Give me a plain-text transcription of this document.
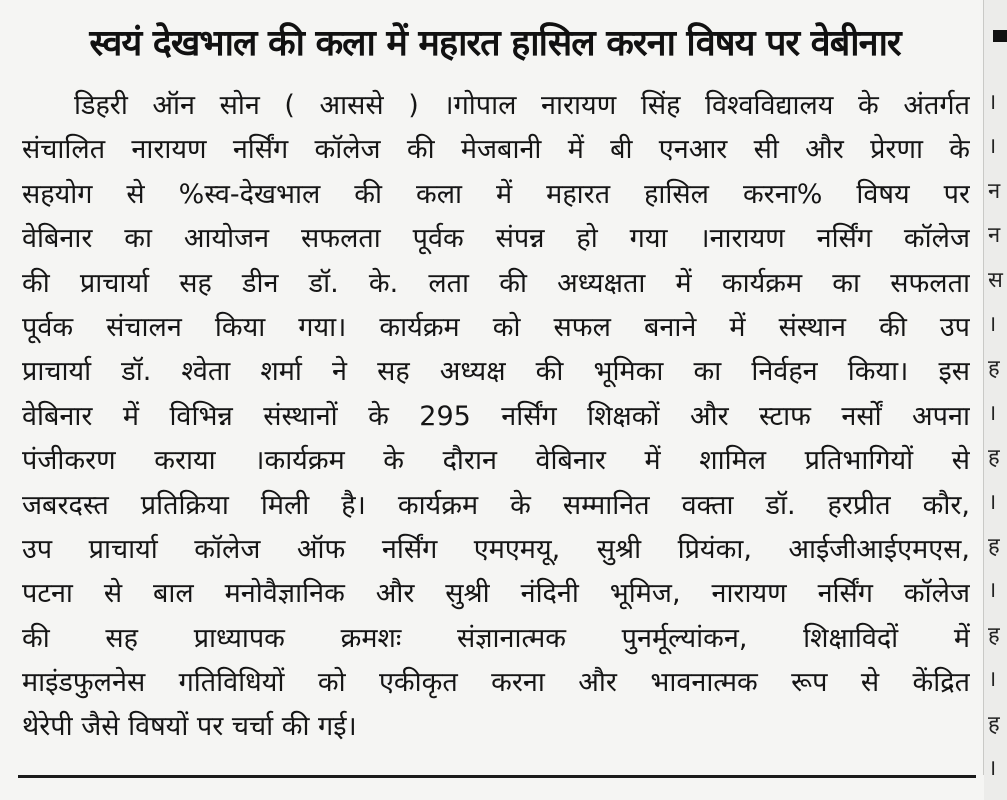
स्वयं देखभाल की कला में महारत हासिल करना विषय पर वेबीनार
डिहरी ऑन सोन ( आससे ) ।गोपाल नारायण सिंह विश्वविद्यालय के अंतर्गत
संचालित नारायण नर्सिंग कॉलेज की मेजबानी में बी एनआर सी और प्रेरणा के
सहयोग से %स्व-देखभाल की कला में महारत हासिल करना% विषय पर
वेबिनार का आयोजन सफलता पूर्वक संपन्न हो गया ।नारायण नर्सिंग कॉलेज
की प्राचार्या सह डीन डॉ. के. लता की अध्यक्षता में कार्यक्रम का सफलता
पूर्वक संचालन किया गया। कार्यक्रम को सफल बनाने में संस्थान की उप
प्राचार्या डॉ. श्वेता शर्मा ने सह अध्यक्ष की भूमिका का निर्वहन किया। इस
वेबिनार में विभिन्न संस्थानों के 295 नर्सिंग शिक्षकों और स्टाफ नर्सों अपना
पंजीकरण कराया ।कार्यक्रम के दौरान वेबिनार में शामिल प्रतिभागियों से
जबरदस्त प्रतिक्रिया मिली है। कार्यक्रम के सम्मानित वक्ता डॉ. हरप्रीत कौर,
उप प्राचार्या कॉलेज ऑफ नर्सिंग एमएमयू, सुश्री प्रियंका, आईजीआईएमएस,
पटना से बाल मनोवैज्ञानिक और सुश्री नंदिनी भूमिज, नारायण नर्सिंग कॉलेज
की सह प्राध्यापक क्रमशः संज्ञानात्मक पुनर्मूल्यांकन, शिक्षाविदों में
माइंडफुलनेस गतिविधियों को एकीकृत करना और भावनात्मक रूप से केंद्रित
थेरेपी जैसे विषयों पर चर्चा की गई।
।
।
न
न
स
।
ह
।
ह
।
ह
।
ह
।
ह
।
